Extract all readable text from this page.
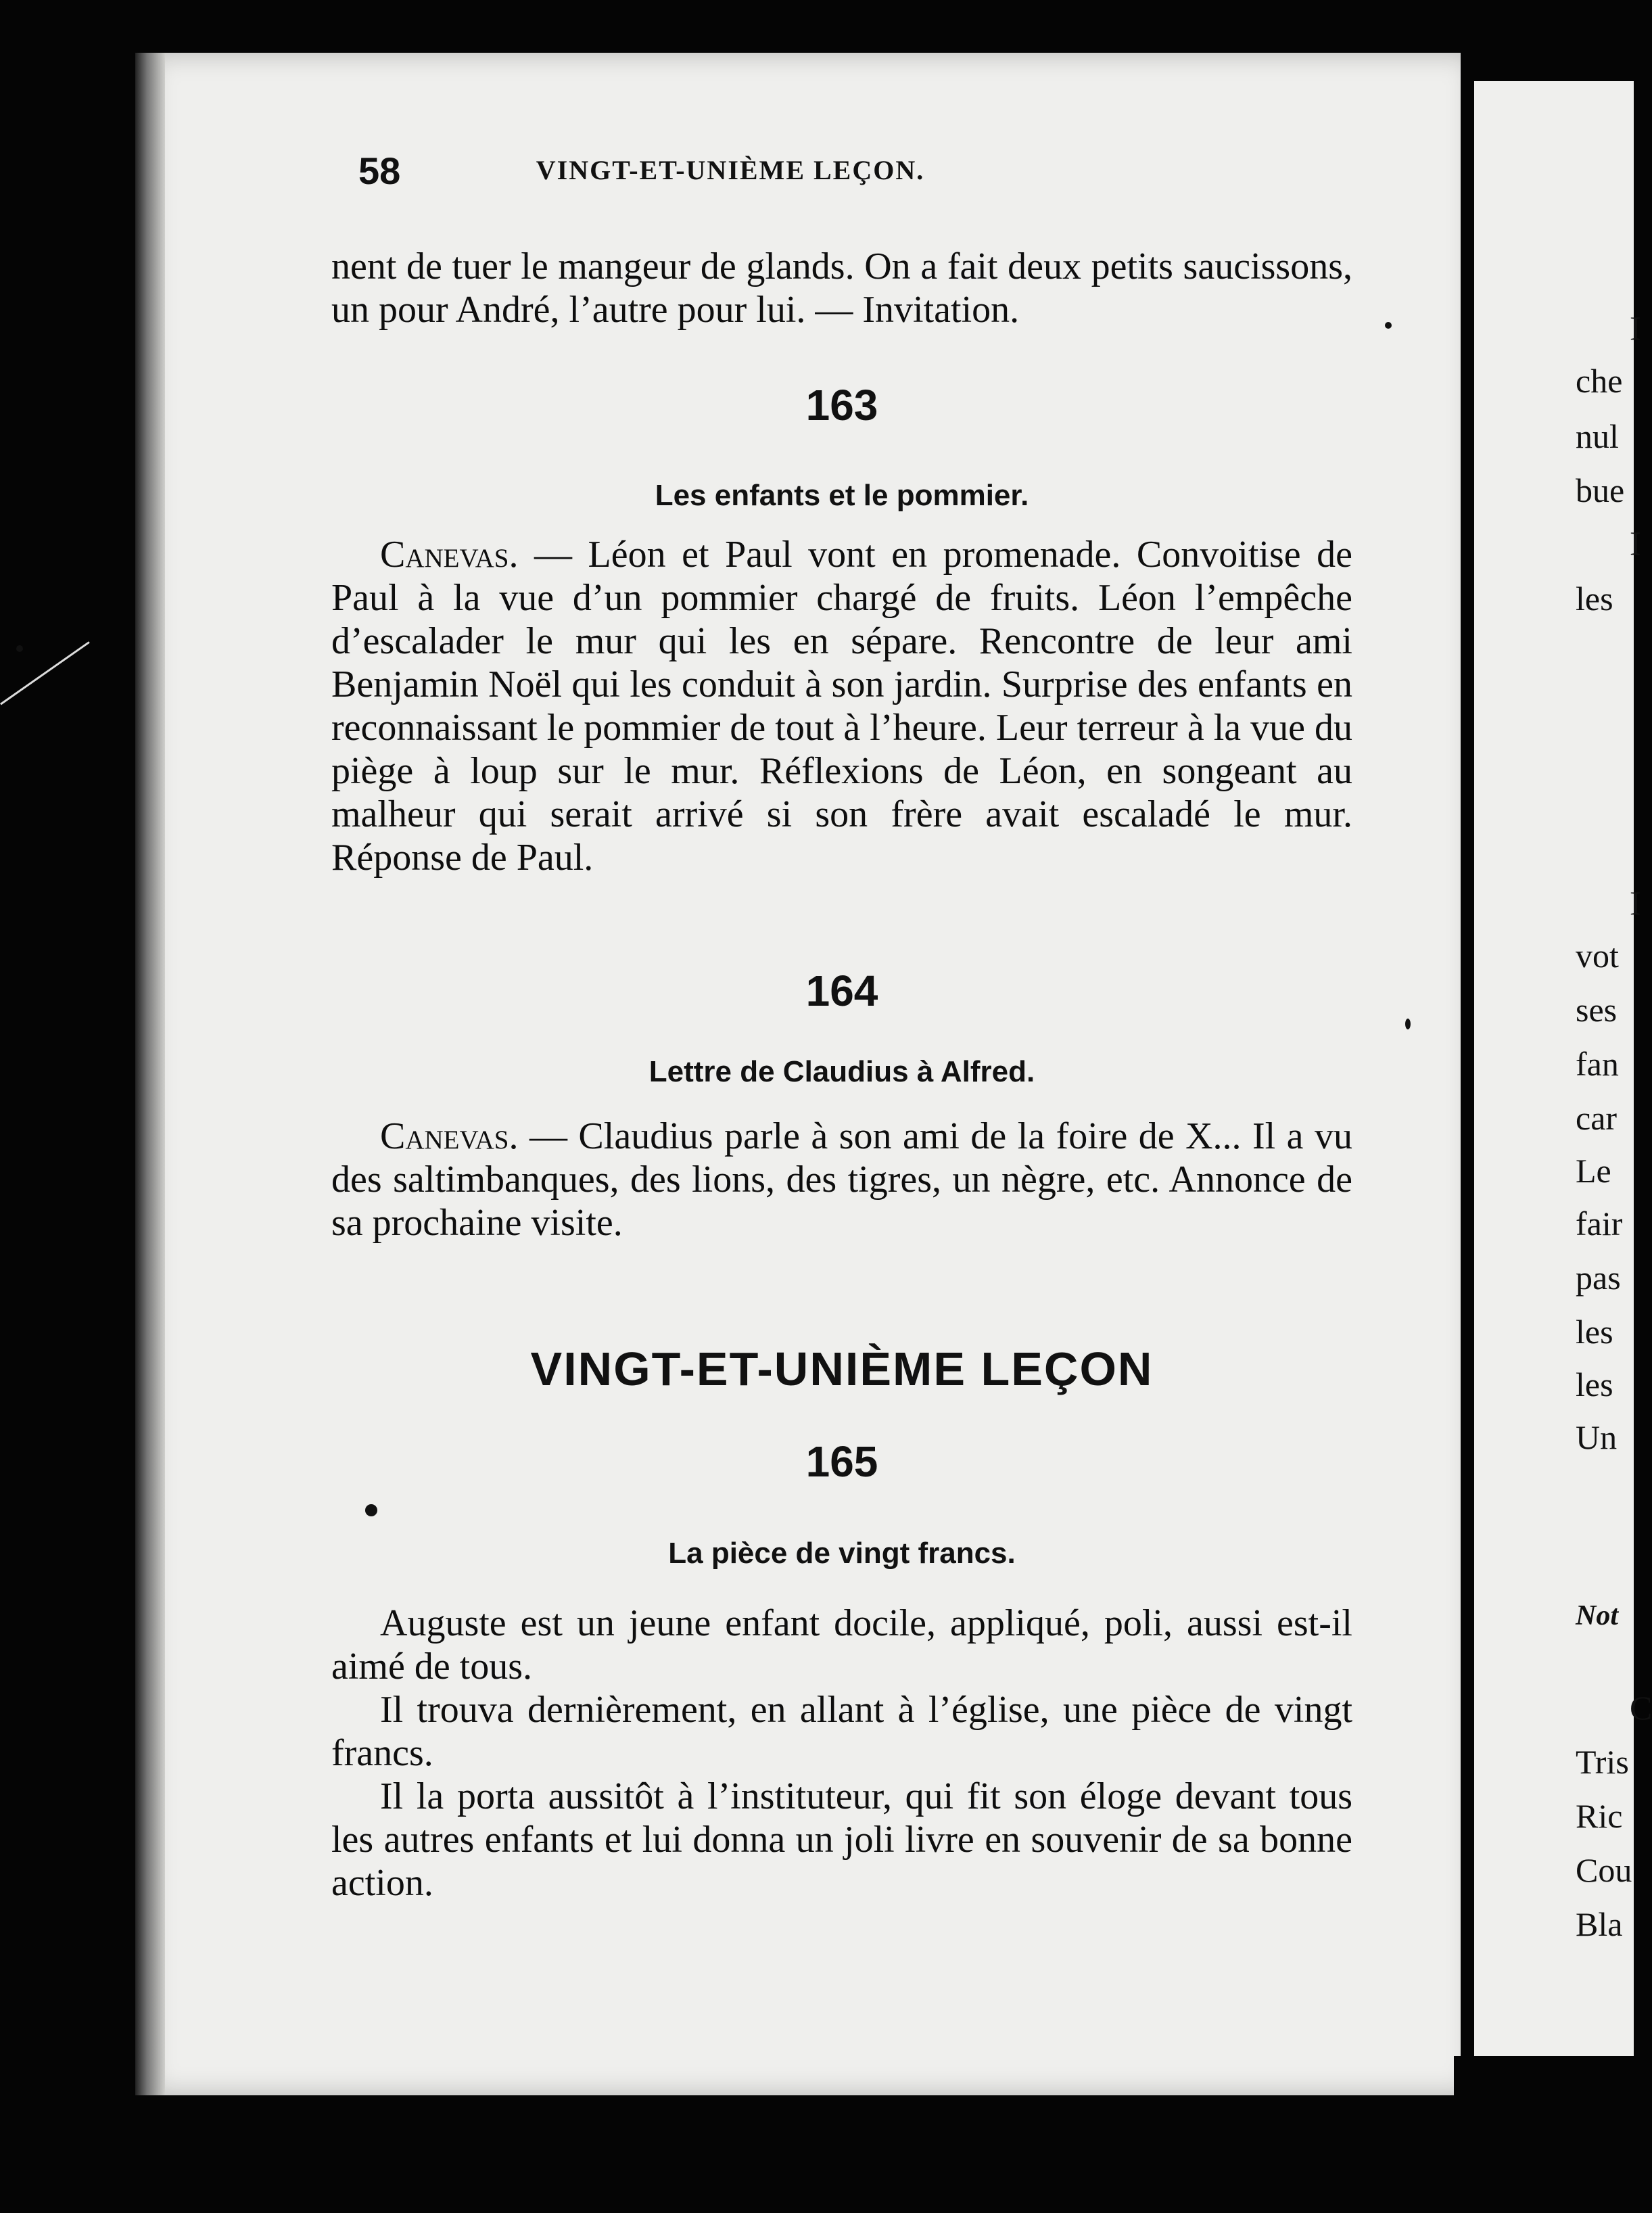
58	VINGT-ET-UNIÈME LEÇON.

nent de tuer le mangeur de glands. On a fait deux petits saucissons, un pour André, l’autre pour lui. — Invitation.

163
Les enfants et le pommier.

Canevas. — Léon et Paul vont en promenade. Convoitise de Paul à la vue d’un pommier chargé de fruits. Léon l’empêche d’escalader le mur qui les en sépare. Rencontre de leur ami Benjamin Noël qui les conduit à son jardin. Surprise des enfants en reconnaissant le pommier de tout à l’heure. Leur terreur à la vue du piège à loup sur le mur. Réflexions de Léon, en songeant au malheur qui serait arrivé si son frère avait escaladé le mur. Réponse de Paul.

164
Lettre de Claudius à Alfred.

Canevas. — Claudius parle à son ami de la foire de X... Il a vu des saltimbanques, des lions, des tigres, un nègre, etc. Annonce de sa prochaine visite.

VINGT-ET-UNIÈME LEÇON
165
La pièce de vingt francs.

Auguste est un jeune enfant docile, appliqué, poli, aussi est-il aimé de tous.

Il trouva dernièrement, en allant à l’église, une pièce de vingt francs.

Il la porta aussitôt à l’instituteur, qui fit son éloge devant tous les autres enfants et lui donna un joli livre en souvenir de sa bonne action.

I
che
nul
bue
I
les
I
vot
ses
fan
car
Le
fair
pas
les
les
Un
Not
C
Tris
Ric
Cou
Bla
